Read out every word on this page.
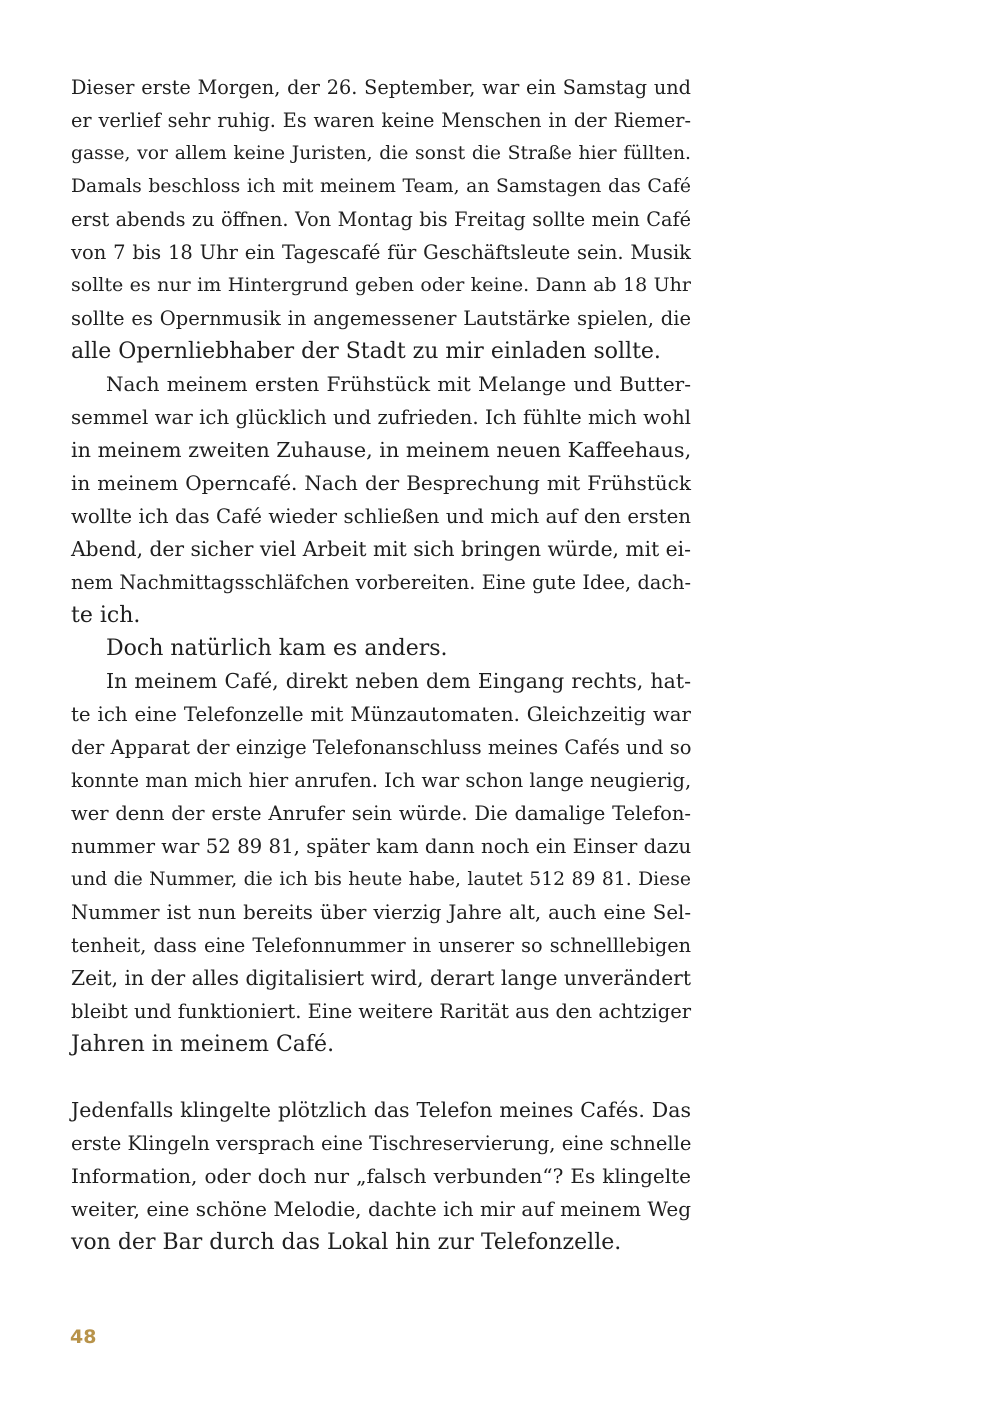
Dieser erste Morgen, der 26. September, war ein Samstag und
er verlief sehr ruhig. Es waren keine Menschen in der Riemer-
gasse, vor allem keine Juristen, die sonst die Straße hier füllten.
Damals beschloss ich mit meinem Team, an Samstagen das Café
erst abends zu öffnen. Von Montag bis Freitag sollte mein Café
von 7 bis 18 Uhr ein Tagescafé für Geschäftsleute sein. Musik
sollte es nur im Hintergrund geben oder keine. Dann ab 18 Uhr
sollte es Opernmusik in angemessener Lautstärke spielen, die
alle Opernliebhaber der Stadt zu mir einladen sollte.
Nach meinem ersten Frühstück mit Melange und Butter-
semmel war ich glücklich und zufrieden. Ich fühlte mich wohl
in meinem zweiten Zuhause, in meinem neuen Kaffeehaus,
in meinem Operncafé. Nach der Besprechung mit Frühstück
wollte ich das Café wieder schließen und mich auf den ersten
Abend, der sicher viel Arbeit mit sich bringen würde, mit ei-
nem Nachmittagsschläfchen vorbereiten. Eine gute Idee, dach-
te ich.
Doch natürlich kam es anders.
In meinem Café, direkt neben dem Eingang rechts, hat-
te ich eine Telefonzelle mit Münzautomaten. Gleichzeitig war
der Apparat der einzige Telefonanschluss meines Cafés und so
konnte man mich hier anrufen. Ich war schon lange neugierig,
wer denn der erste Anrufer sein würde. Die damalige Telefon-
nummer war 52 89 81, später kam dann noch ein Einser dazu
und die Nummer, die ich bis heute habe, lautet 512 89 81. Diese
Nummer ist nun bereits über vierzig Jahre alt, auch eine Sel-
tenheit, dass eine Telefonnummer in unserer so schnelllebigen
Zeit, in der alles digitalisiert wird, derart lange unverändert
bleibt und funktioniert. Eine weitere Rarität aus den achtziger
Jahren in meinem Café.
Jedenfalls klingelte plötzlich das Telefon meines Cafés. Das
erste Klingeln versprach eine Tischreservierung, eine schnelle
Information, oder doch nur „falsch verbunden“? Es klingelte
weiter, eine schöne Melodie, dachte ich mir auf meinem Weg
von der Bar durch das Lokal hin zur Telefonzelle.
48
